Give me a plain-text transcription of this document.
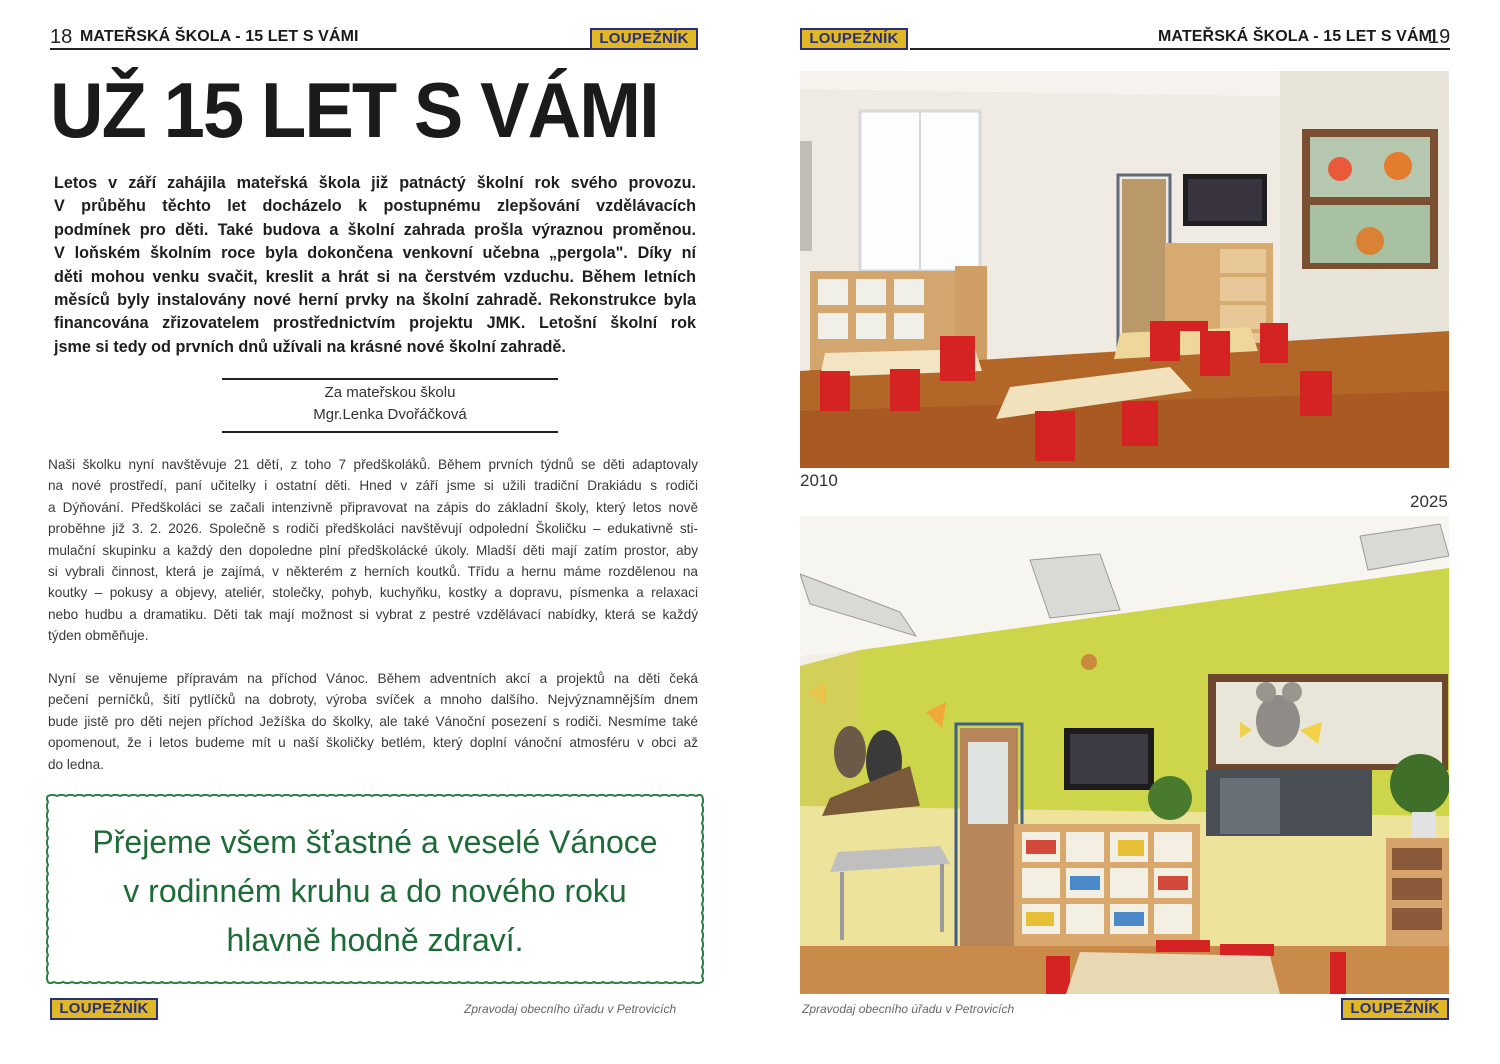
18 MATEŘSKÁ ŠKOLA - 15 LET S VÁMI	LOUPEŽNÍK
UŽ 15 LET S VÁMI
Letos v září zahájila mateřská škola již patnáctý školní rok svého provozu.
V průběhu těchto let docházelo k postupnému zlepšování vzdělávacích
podmínek pro děti. Také budova a školní zahrada prošla výraznou proměnou.
V loňském školním roce byla dokončena venkovní učebna „pergola". Díky ní
děti mohou venku svačit, kreslit a hrát si na čerstvém vzduchu. Během letních
měsíců byly instalovány nové herní prvky na školní zahradě. Rekonstrukce byla
financována zřizovatelem prostřednictvím projektu JMK. Letošní školní rok
jsme si tedy od prvních dnů užívali na krásné nové školní zahradě.
Za mateřskou školu
Mgr.Lenka Dvořáčková
Naši školku nyní navštěvuje 21 dětí, z toho 7 předškoláků. Během prvních týdnů se děti adaptovaly
na nové prostředí, paní učitelky i ostatní děti. Hned v září jsme si užili tradiční Drakiádu s rodiči
a Dýňování. Předškoláci se začali intenzivně připravovat na zápis do základní školy, který letos nově
proběhne již 3. 2. 2026. Společně s rodiči předškoláci navštěvují odpolední Školičku – edukativně sti-
mulační skupinku a každý den dopoledne plní předškolácké úkoly. Mladší děti mají zatím prostor, aby
si vybrali činnost, která je zajímá, v některém z herních koutků. Třídu a hernu máme rozdělenou na
koutky – pokusy a objevy, ateliér, stolečky, pohyb, kuchyňku, kostky a dopravu, písmenka a relaxaci
nebo hudbu a dramatiku. Děti tak mají možnost si vybrat z pestré vzdělávací nabídky, která se každý
týden obměňuje.
Nyní se věnujeme přípravám na příchod Vánoc. Během adventních akcí a projektů na děti čeká
pečení perníčků, šití pytlíčků na dobroty, výroba svíček a mnoho dalšího. Nejvýznamnějším dnem
bude jistě pro děti nejen příchod Ježíška do školky, ale také Vánoční posezení s rodiči. Nesmíme také
opomenout, že i letos budeme mít u naší školičky betlém, který doplní vánoční atmosféru v obci až
do ledna.
Přejeme všem šťastné a veselé Vánoce
v rodinném kruhu a do nového roku
hlavně hodně zdraví.
LOUPEŽNÍK	Zpravodaj obecního úřadu v Petrovicích
LOUPEŽNÍK	MATEŘSKÁ ŠKOLA - 15 LET S VÁMI
19
2010
2025
Zpravodaj obecního úřadu v Petrovicích	LOUPEŽNÍK
